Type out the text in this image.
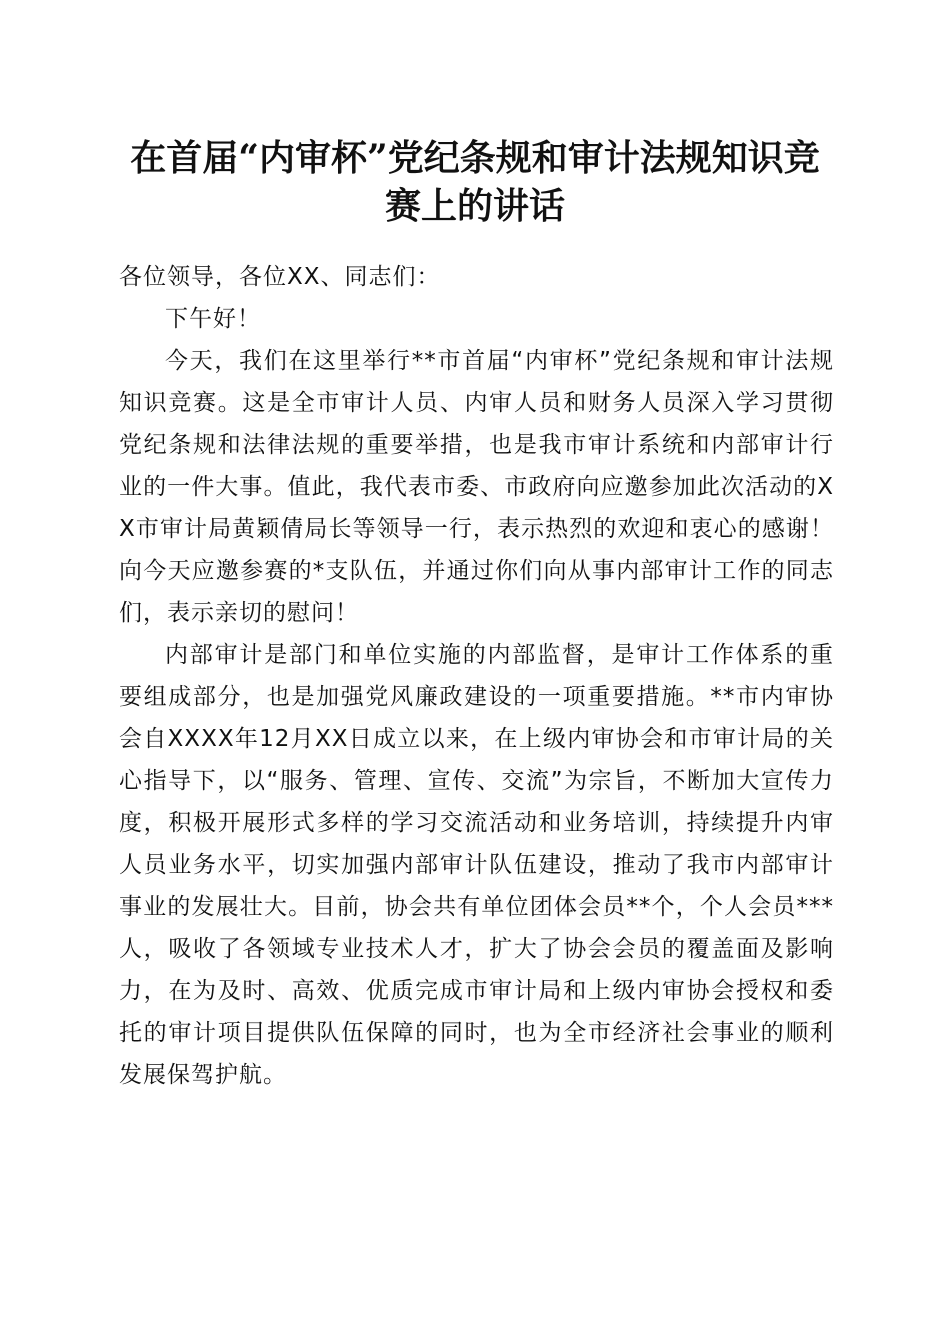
在首届“内审杯”党纪条规和审计法规知识竞
赛上的讲话

各位领导，各位XX、同志们：

下午好！

今天，我们在这里举行**市首届“内审杯”党纪条规和审计法规知识竞赛。这是全市审计人员、内审人员和财务人员深入学习贯彻党纪条规和法律法规的重要举措，也是我市审计系统和内部审计行业的一件大事。值此，我代表市委、市政府向应邀参加此次活动的XX市审计局黄颖倩局长等领导一行，表示热烈的欢迎和衷心的感谢！向今天应邀参赛的*支队伍，并通过你们向从事内部审计工作的同志们，表示亲切的慰问！

内部审计是部门和单位实施的内部监督，是审计工作体系的重要组成部分，也是加强党风廉政建设的一项重要措施。**市内审协会自XXXX年12月XX日成立以来，在上级内审协会和市审计局的关心指导下，以“服务、管理、宣传、交流”为宗旨，不断加大宣传力度，积极开展形式多样的学习交流活动和业务培训，持续提升内审人员业务水平，切实加强内部审计队伍建设，推动了我市内部审计事业的发展壮大。目前，协会共有单位团体会员**个，个人会员***人，吸收了各领域专业技术人才，扩大了协会会员的覆盖面及影响力，在为及时、高效、优质完成市审计局和上级内审协会授权和委托的审计项目提供队伍保障的同时，也为全市经济社会事业的顺利发展保驾护航。
